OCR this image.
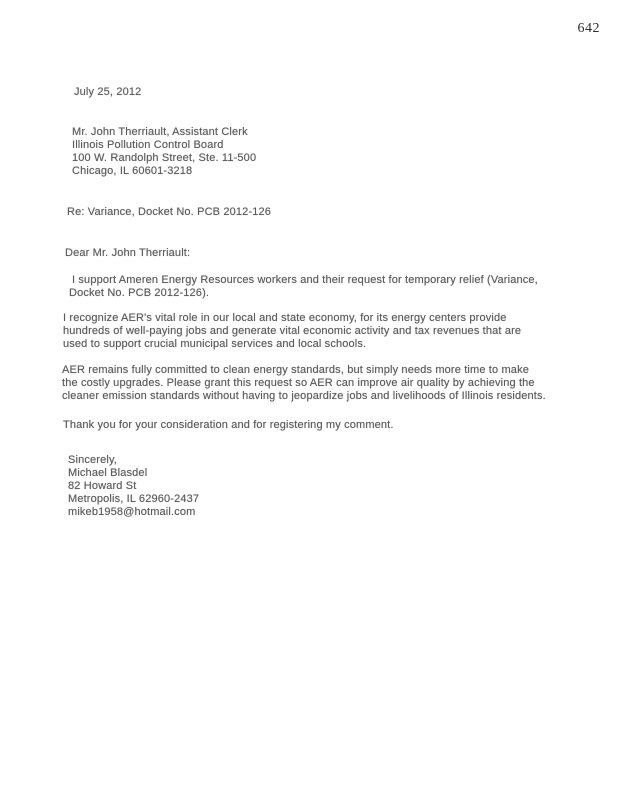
642
July 25, 2012
Mr. John Therriault, Assistant Clerk
Illinois Pollution Control Board
100 W. Randolph Street, Ste. 11-500
Chicago, IL 60601-3218
Re: Variance, Docket No. PCB 2012-126
Dear Mr. John Therriault:
I support Ameren Energy Resources workers and their request for temporary relief (Variance,
Docket No. PCB 2012-126).
I recognize AER's vital role in our local and state economy, for its energy centers provide
hundreds of well-paying jobs and generate vital economic activity and tax revenues that are
used to support crucial municipal services and local schools.
AER remains fully committed to clean energy standards, but simply needs more time to make
the costly upgrades. Please grant this request so AER can improve air quality by achieving the
cleaner emission standards without having to jeopardize jobs and livelihoods of Illinois residents.
Thank you for your consideration and for registering my comment.
Sincerely,
Michael Blasdel
82 Howard St
Metropolis, IL 62960-2437
mikeb1958@hotmail.com
